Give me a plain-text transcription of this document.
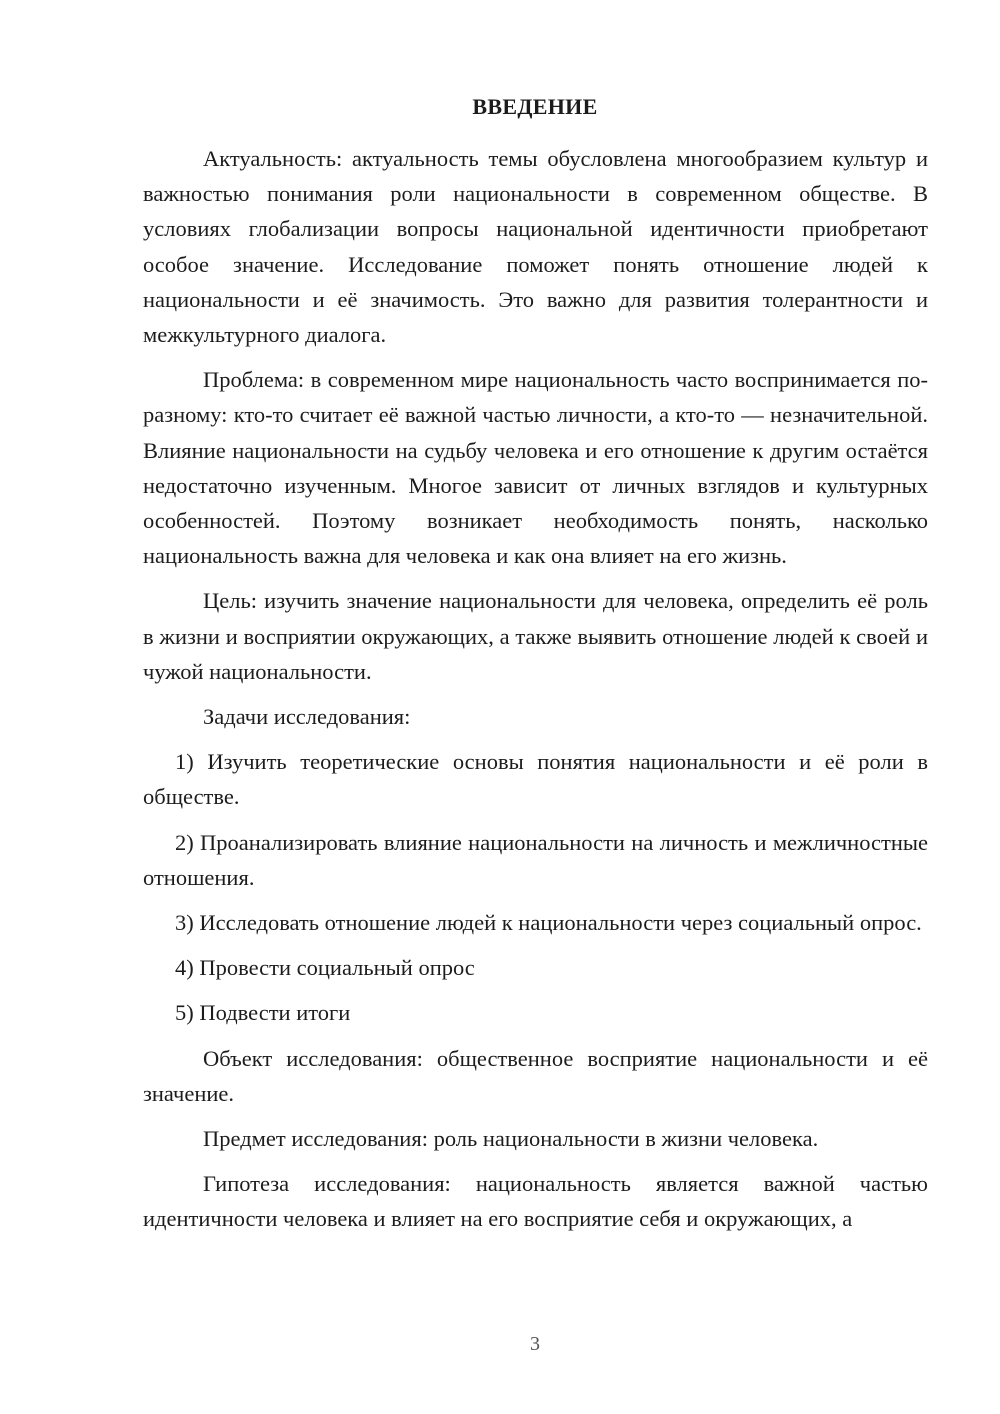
ВВЕДЕНИЕ

Актуальность: актуальность темы обусловлена многообразием культур и важностью понимания роли национальности в современном обществе. В условиях глобализации вопросы национальной идентичности приобретают особое значение. Исследование поможет понять отношение людей к национальности и её значимость. Это важно для развития толерантности и межкультурного диалога.

Проблема: в современном мире национальность часто воспринимается по-разному: кто-то считает её важной частью личности, а кто-то — незначительной. Влияние национальности на судьбу человека и его отношение к другим остаётся недостаточно изученным. Многое зависит от личных взглядов и культурных особенностей. Поэтому возникает необходимость понять, насколько национальность важна для человека и как она влияет на его жизнь.

Цель: изучить значение национальности для человека, определить её роль в жизни и восприятии окружающих, а также выявить отношение людей к своей и чужой национальности.

Задачи исследования:

1) Изучить теоретические основы понятия национальности и её роли в обществе.

2) Проанализировать влияние национальности на личность и межличностные отношения.

3) Исследовать отношение людей к национальности через социальный опрос.

4) Провести социальный опрос

5) Подвести итоги

Объект исследования: общественное восприятие национальности и её значение.

Предмет исследования: роль национальности в жизни человека.

Гипотеза исследования: национальность является важной частью идентичности человека и влияет на его восприятие себя и окружающих, а

3
